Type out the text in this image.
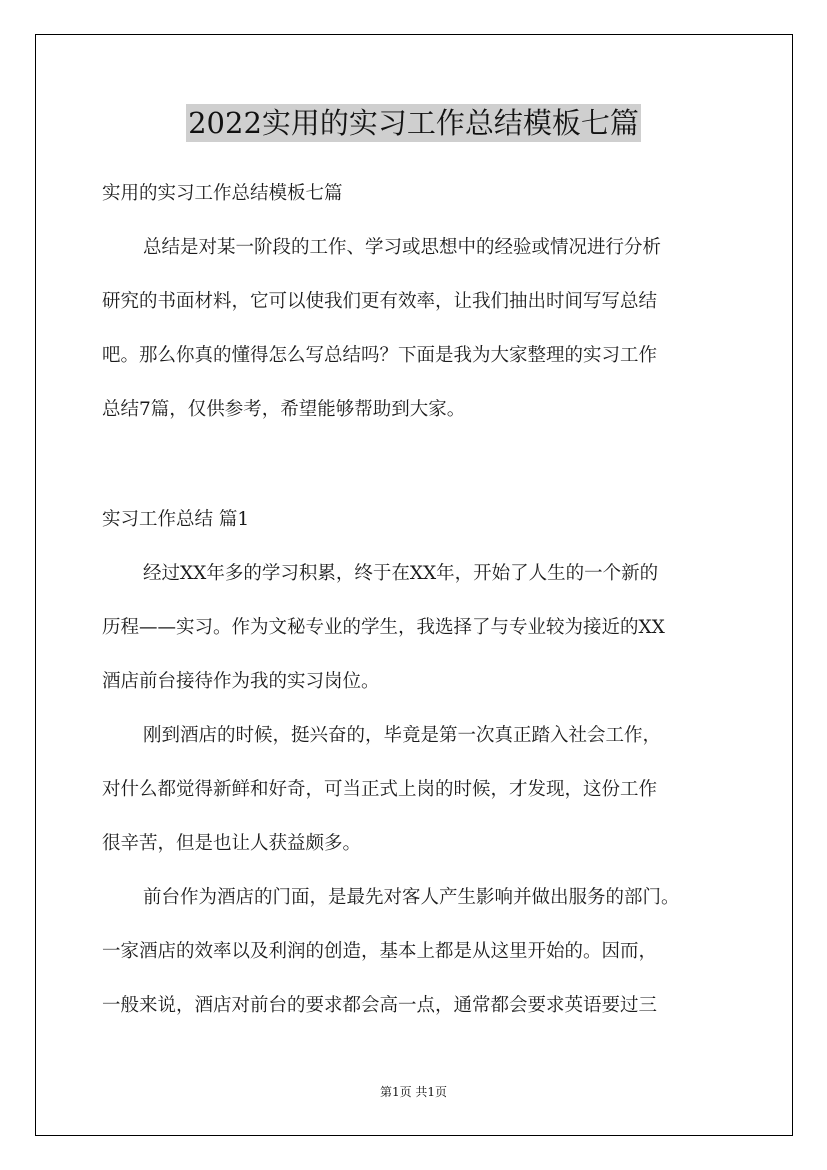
2022实用的实习工作总结模板七篇
实用的实习工作总结模板七篇
总结是对某一阶段的工作、学习或思想中的经验或情况进行分析
研究的书面材料，它可以使我们更有效率，让我们抽出时间写写总结
吧。那么你真的懂得怎么写总结吗？下面是我为大家整理的实习工作
总结7篇，仅供参考，希望能够帮助到大家。
实习工作总结 篇1
经过XX年多的学习积累，终于在XX年，开始了人生的一个新的
历程——实习。作为文秘专业的学生，我选择了与专业较为接近的XX
酒店前台接待作为我的实习岗位。
刚到酒店的时候，挺兴奋的，毕竟是第一次真正踏入社会工作，
对什么都觉得新鲜和好奇，可当正式上岗的时候，才发现，这份工作
很辛苦，但是也让人获益颇多。
前台作为酒店的门面，是最先对客人产生影响并做出服务的部门。
一家酒店的效率以及利润的创造，基本上都是从这里开始的。因而，
一般来说，酒店对前台的要求都会高一点，通常都会要求英语要过三
第1页 共1页
